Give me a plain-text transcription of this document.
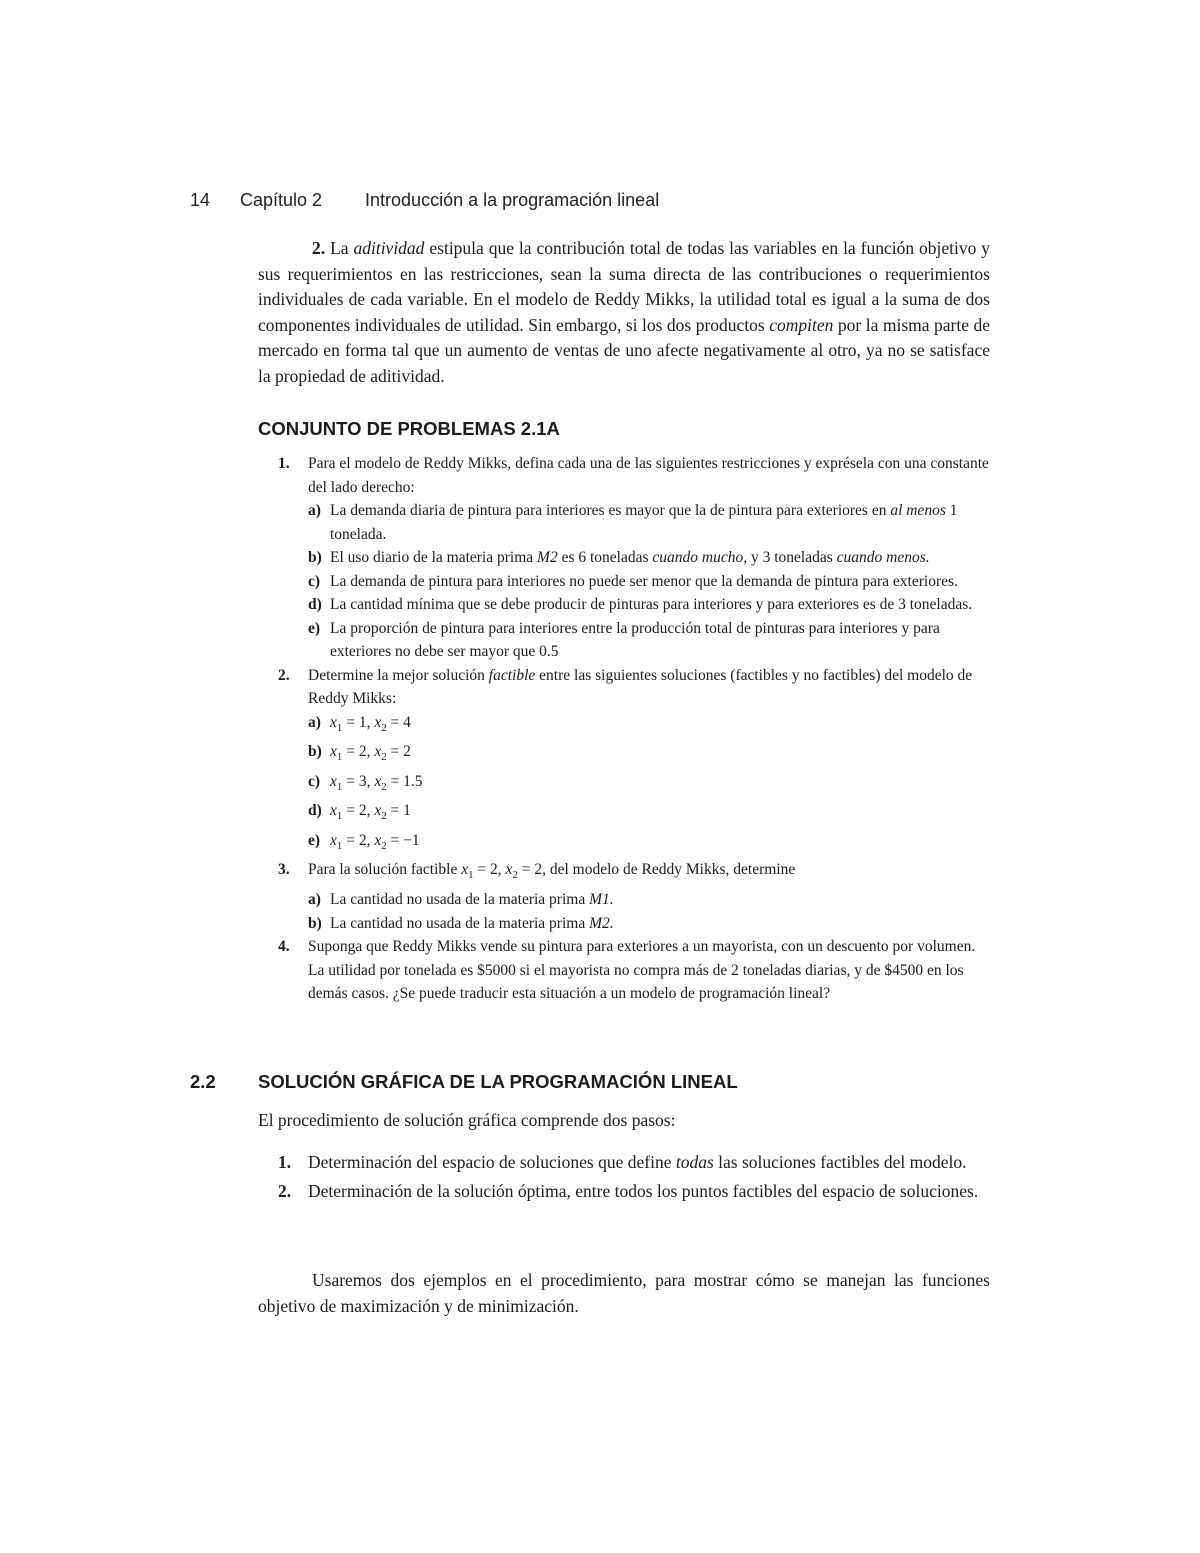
14 Capítulo 2 Introducción a la programación lineal

2. La aditividad estipula que la contribución total de todas las variables en la función objetivo y sus requerimientos en las restricciones, sean la suma directa de las contribuciones o requerimientos individuales de cada variable. En el modelo de Reddy Mikks, la utilidad total es igual a la suma de dos componentes individuales de utilidad. Sin embargo, si los dos productos compiten por la misma parte de mercado en forma tal que un aumento de ventas de uno afecte negativamente al otro, ya no se satisface la propiedad de aditividad.

CONJUNTO DE PROBLEMAS 2.1A

1. Para el modelo de Reddy Mikks, defina cada una de las siguientes restricciones y exprésela con una constante del lado derecho:
a) La demanda diaria de pintura para interiores es mayor que la de pintura para exteriores en al menos 1 tonelada.
b) El uso diario de la materia prima M2 es 6 toneladas cuando mucho, y 3 toneladas cuando menos.
c) La demanda de pintura para interiores no puede ser menor que la demanda de pintura para exteriores.
d) La cantidad mínima que se debe producir de pinturas para interiores y para exteriores es de 3 toneladas.
e) La proporción de pintura para interiores entre la producción total de pinturas para interiores y para exteriores no debe ser mayor que 0.5
2. Determine la mejor solución factible entre las siguientes soluciones (factibles y no factibles) del modelo de Reddy Mikks:
a) $x_1 = 1$, $x_2 = 4$
b) $x_1 = 2$, $x_2 = 2$
c) $x_1 = 3$, $x_2 = 1.5$
d) $x_1 = 2$, $x_2 = 1$
e) $x_1 = 2$, $x_2 = -1$
3. Para la solución factible $x_1 = 2$, $x_2 = 2$, del modelo de Reddy Mikks, determine
a) La cantidad no usada de la materia prima M1.
b) La cantidad no usada de la materia prima M2.
4. Suponga que Reddy Mikks vende su pintura para exteriores a un mayorista, con un descuento por volumen. La utilidad por tonelada es $5000 si el mayorista no compra más de 2 toneladas diarias, y de $4500 en los demás casos. ¿Se puede traducir esta situación a un modelo de programación lineal?
2.2 SOLUCIÓN GRÁFICA DE LA PROGRAMACIÓN LINEAL

El procedimiento de solución gráfica comprende dos pasos:

1. Determinación del espacio de soluciones que define todas las soluciones factibles del modelo.
2. Determinación de la solución óptima, entre todos los puntos factibles del espacio de soluciones.

Usaremos dos ejemplos en el procedimiento, para mostrar cómo se manejan las funciones objetivo de maximización y de minimización.
